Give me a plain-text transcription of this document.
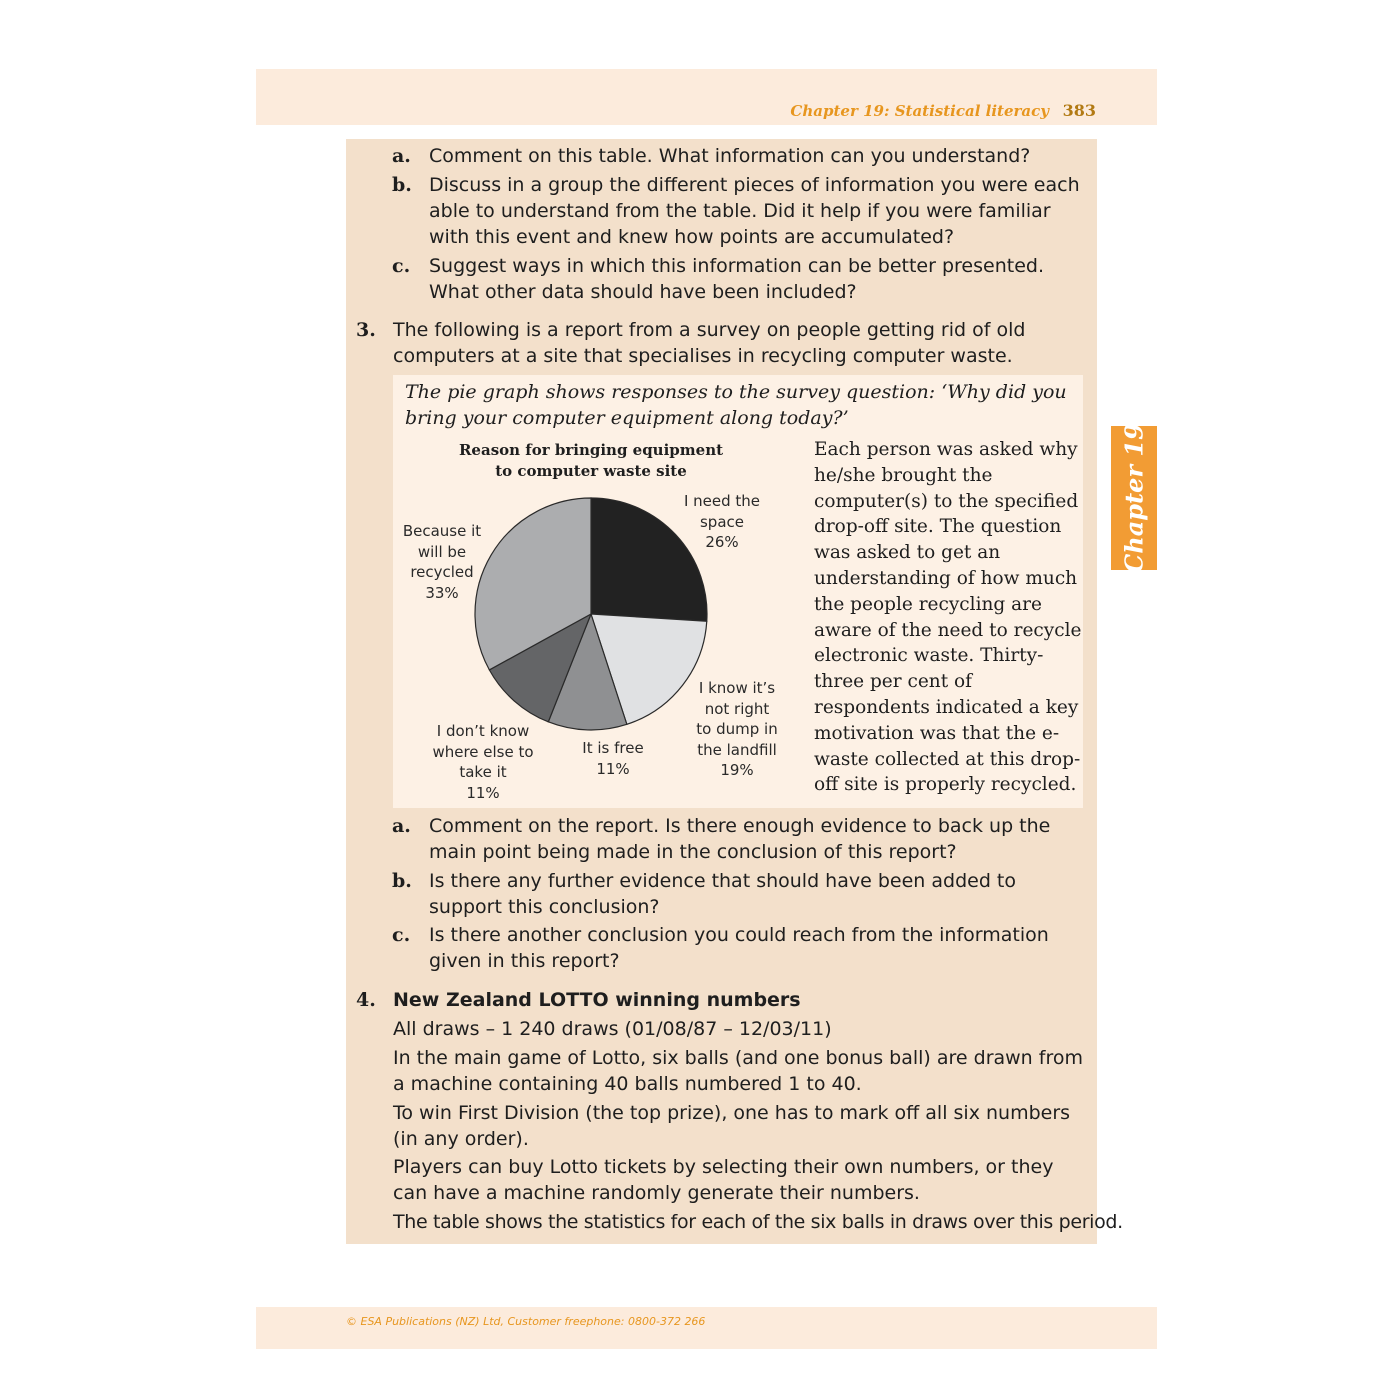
Chapter 19: Statistical literacy 383
Chapter 19
a. Comment on this table. What information can you understand?

b. Discuss in a group the different pieces of information you were each able to understand from the table. Did it help if you were familiar with this event and knew how points are accumulated?

c. Suggest ways in which this information can be better presented. What other data should have been included?

3. The following is a report from a survey on people getting rid of old computers at a site that specialises in recycling computer waste.

The pie graph shows responses to the survey question: ‘Why did you bring your computer equipment along today?’
Reason for bringing equipment to computer waste site
I need the space
26%
I know it’s not right to dump in the landfill
19%
It is free
11%
I don’t know where else to take it
11%
Because it will be recycled
33%
Each person was asked why he/she brought the computer(s) to the specified drop-off site. The question was asked to get an understanding of how much the people recycling are aware of the need to recycle electronic waste. Thirty-three per cent of respondents indicated a key motivation was that the e-waste collected at this drop-off site is properly recycled.
a. Comment on the report. Is there enough evidence to back up the main point being made in the conclusion of this report?

b. Is there any further evidence that should have been added to support this conclusion?

c. Is there another conclusion you could reach from the information given in this report?

4. New Zealand LOTTO winning numbers

All draws – 1 240 draws (01/08/87 – 12/03/11)

In the main game of Lotto, six balls (and one bonus ball) are drawn from a machine containing 40 balls numbered 1 to 40.

To win First Division (the top prize), one has to mark off all six numbers (in any order).

Players can buy Lotto tickets by selecting their own numbers, or they can have a machine randomly generate their numbers.

The table shows the statistics for each of the six balls in draws over this period.

© ESA Publications (NZ) Ltd, Customer freephone: 0800-372 266
